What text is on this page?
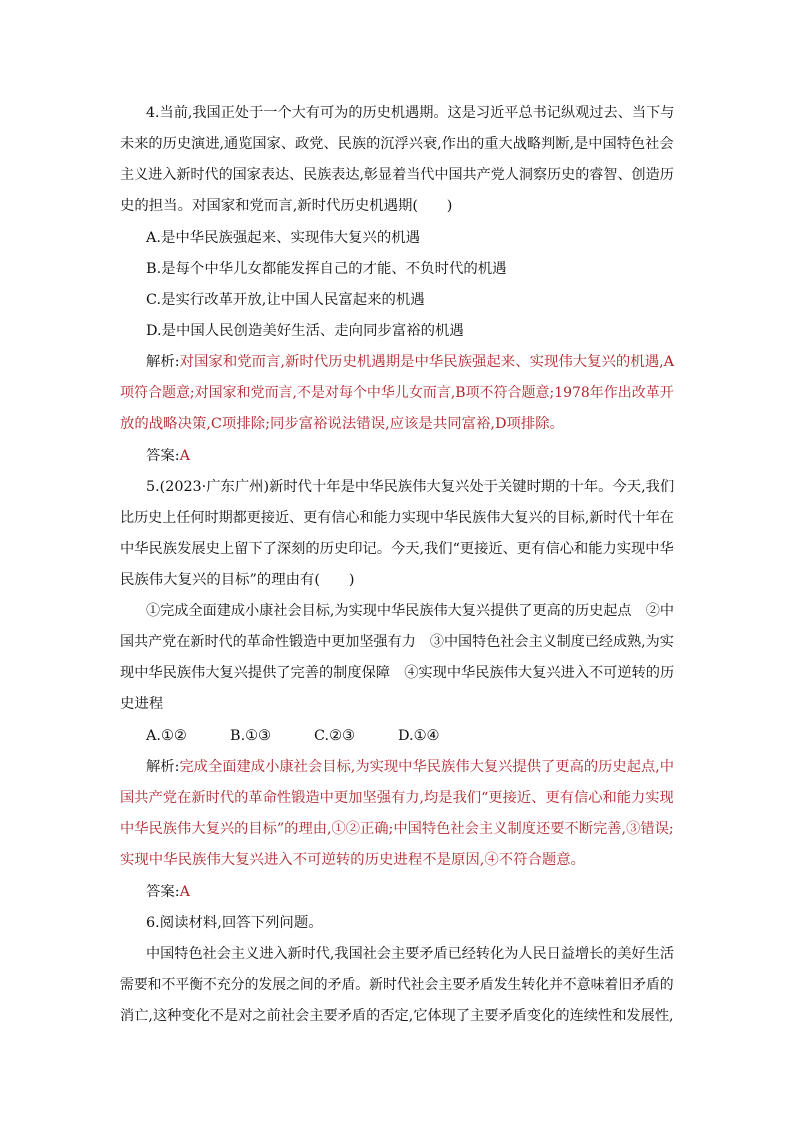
4.当前,我国正处于一个大有可为的历史机遇期。这是习近平总书记纵观过去、当下与
未来的历史演进,通览国家、政党、民族的沉浮兴衰,作出的重大战略判断,是中国特色社会
主义进入新时代的国家表达、民族表达,彰显着当代中国共产党人洞察历史的睿智、创造历
史的担当。对国家和党而言,新时代历史机遇期(　　)
A.是中华民族强起来、实现伟大复兴的机遇
B.是每个中华儿女都能发挥自己的才能、不负时代的机遇
C.是实行改革开放,让中国人民富起来的机遇
D.是中国人民创造美好生活、走向同步富裕的机遇
解析:对国家和党而言,新时代历史机遇期是中华民族强起来、实现伟大复兴的机遇,A
项符合题意;对国家和党而言,不是对每个中华儿女而言,B项不符合题意;1978年作出改革开
放的战略决策,C项排除;同步富裕说法错误,应该是共同富裕,D项排除。
答案:A
5.(2023·广东广州)新时代十年是中华民族伟大复兴处于关键时期的十年。今天,我们
比历史上任何时期都更接近、更有信心和能力实现中华民族伟大复兴的目标,新时代十年在
中华民族发展史上留下了深刻的历史印记。今天,我们“更接近、更有信心和能力实现中华
民族伟大复兴的目标”的理由有(　　)
①完成全面建成小康社会目标,为实现中华民族伟大复兴提供了更高的历史起点　②中
国共产党在新时代的革命性锻造中更加坚强有力　③中国特色社会主义制度已经成熟,为实
现中华民族伟大复兴提供了完善的制度保障　④实现中华民族伟大复兴进入不可逆转的历
史进程
A.①②	B.①③	C.②③	D.①④
解析:完成全面建成小康社会目标,为实现中华民族伟大复兴提供了更高的历史起点,中
国共产党在新时代的革命性锻造中更加坚强有力,均是我们“更接近、更有信心和能力实现
中华民族伟大复兴的目标”的理由,①②正确;中国特色社会主义制度还要不断完善,③错误;
实现中华民族伟大复兴进入不可逆转的历史进程不是原因,④不符合题意。
答案:A
6.阅读材料,回答下列问题。
中国特色社会主义进入新时代,我国社会主要矛盾已经转化为人民日益增长的美好生活
需要和不平衡不充分的发展之间的矛盾。新时代社会主要矛盾发生转化并不意味着旧矛盾的
消亡,这种变化不是对之前社会主要矛盾的否定,它体现了主要矛盾变化的连续性和发展性,
